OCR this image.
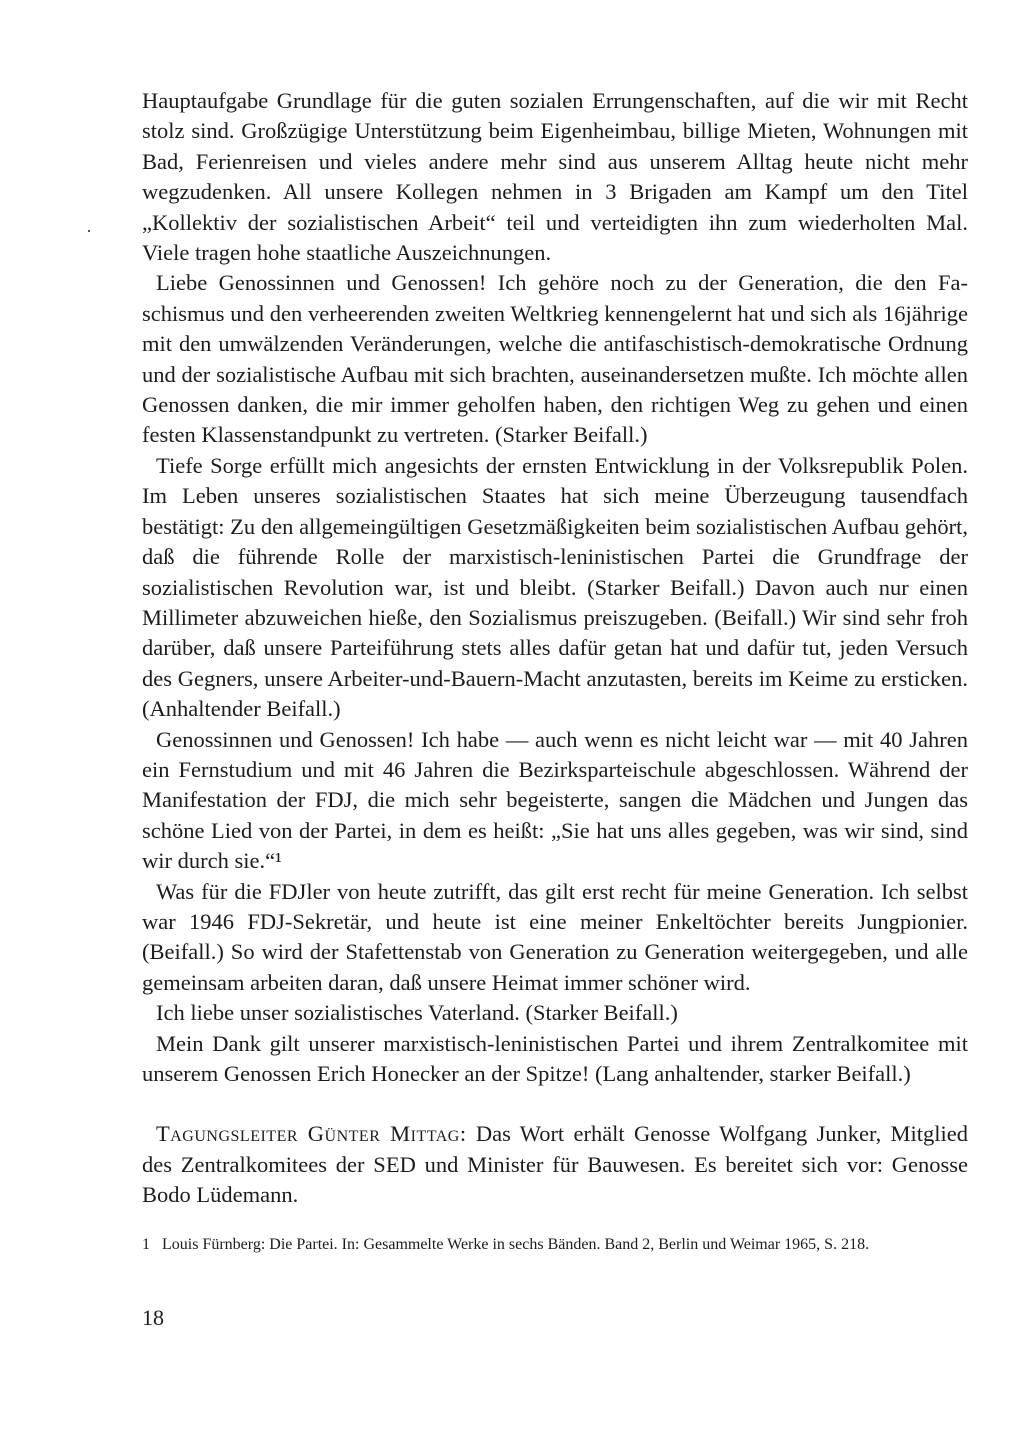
Hauptaufgabe Grundlage für die guten sozialen Errungenschaften, auf die wir mit Recht stolz sind. Großzügige Unterstützung beim Eigenheimbau, billige Mieten, Wohnungen mit Bad, Ferienreisen und vieles andere mehr sind aus unserem Alltag heute nicht mehr wegzudenken. All unsere Kollegen nehmen in 3 Brigaden am Kampf um den Titel „Kollektiv der sozialistischen Arbeit“ teil und verteidigten ihn zum wiederholten Mal. Viele tragen hohe staatliche Auszeichnungen.

Liebe Genossinnen und Genossen! Ich gehöre noch zu der Generation, die den Faschismus und den verheerenden zweiten Weltkrieg kennengelernt hat und sich als 16jährige mit den umwälzenden Veränderungen, welche die antifaschistisch-demokratische Ordnung und der sozialistische Aufbau mit sich brachten, auseinandersetzen mußte. Ich möchte allen Genossen danken, die mir immer geholfen haben, den richtigen Weg zu gehen und einen festen Klassenstandpunkt zu vertreten. (Starker Beifall.)

Tiefe Sorge erfüllt mich angesichts der ernsten Entwicklung in der Volksrepublik Polen. Im Leben unseres sozialistischen Staates hat sich meine Überzeugung tausendfach bestätigt: Zu den allgemeingültigen Gesetzmäßigkeiten beim sozialistischen Aufbau gehört, daß die führende Rolle der marxistisch-leninistischen Partei die Grundfrage der sozialistischen Revolution war, ist und bleibt. (Starker Beifall.) Davon auch nur einen Millimeter abzuweichen hieße, den Sozialismus preiszugeben. (Beifall.) Wir sind sehr froh darüber, daß unsere Parteiführung stets alles dafür getan hat und dafür tut, jeden Versuch des Gegners, unsere Arbeiter-und-Bauern-Macht anzutasten, bereits im Keime zu ersticken. (Anhaltender Beifall.)

Genossinnen und Genossen! Ich habe — auch wenn es nicht leicht war — mit 40 Jahren ein Fernstudium und mit 46 Jahren die Bezirksparteischule abgeschlossen. Während der Manifestation der FDJ, die mich sehr begeisterte, sangen die Mädchen und Jungen das schöne Lied von der Partei, in dem es heißt: „Sie hat uns alles gegeben, was wir sind, sind wir durch sie.“¹

Was für die FDJler von heute zutrifft, das gilt erst recht für meine Generation. Ich selbst war 1946 FDJ-Sekretär, und heute ist eine meiner Enkeltöchter bereits Jungpionier. (Beifall.) So wird der Stafettenstab von Generation zu Generation weitergegeben, und alle gemeinsam arbeiten daran, daß unsere Heimat immer schöner wird.

Ich liebe unser sozialistisches Vaterland. (Starker Beifall.)

Mein Dank gilt unserer marxistisch-leninistischen Partei und ihrem Zentralkomitee mit unserem Genossen Erich Honecker an der Spitze! (Lang anhaltender, starker Beifall.)

Tagungsleiter Günter Mittag: Das Wort erhält Genosse Wolfgang Junker, Mitglied des Zentralkomitees der SED und Minister für Bauwesen. Es bereitet sich vor: Genosse Bodo Lüdemann.

1 Louis Fürnberg: Die Partei. In: Gesammelte Werke in sechs Bänden. Band 2, Berlin und Weimar 1965, S. 218.

18
